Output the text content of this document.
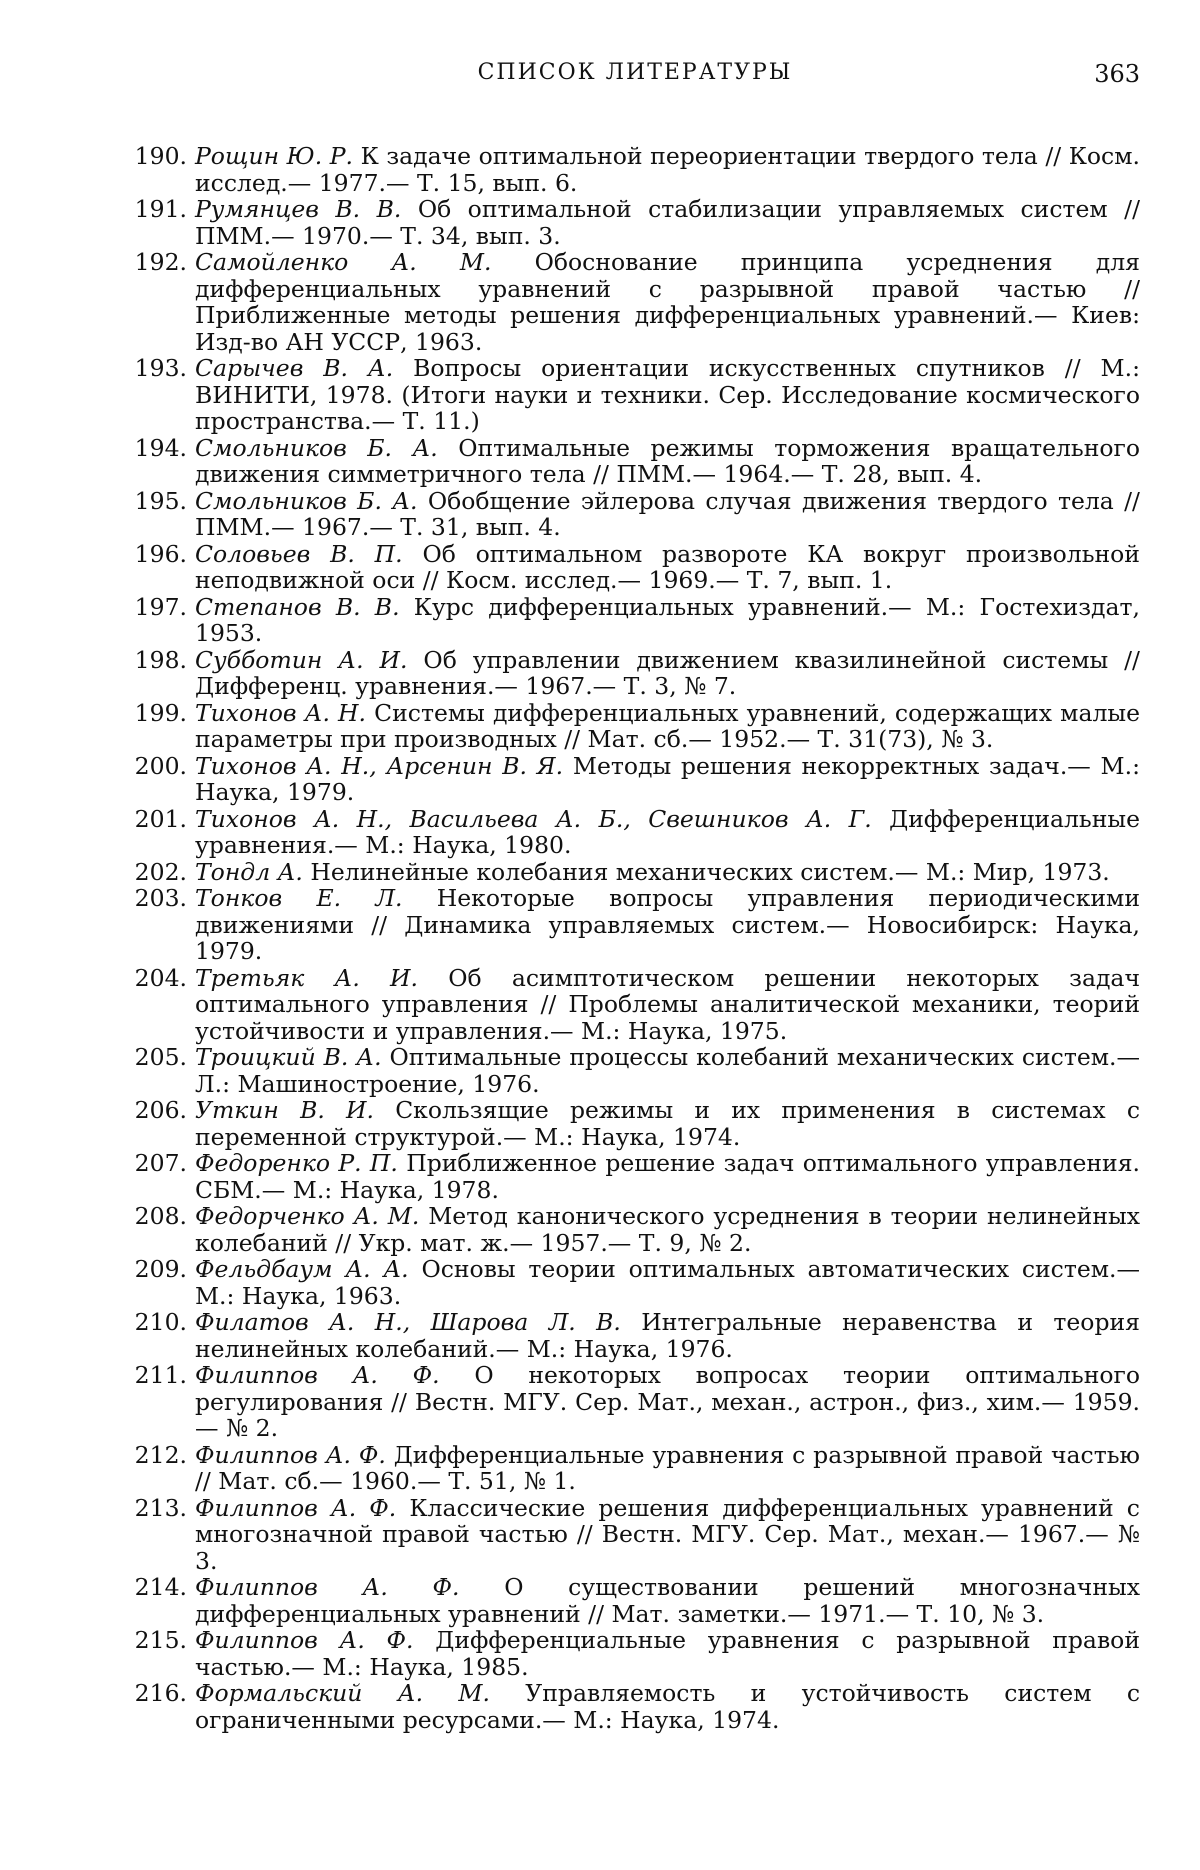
СПИСОК ЛИТЕРАТУРЫ	363
190. Рощин Ю. Р. К задаче оптимальной переориентации твердого тела // Косм. исслед.— 1977.— Т. 15, вып. 6.
191. Румянцев В. В. Об оптимальной стабилизации управляемых систем // ПММ.— 1970.— Т. 34, вып. 3.
192. Самойленко А. М. Обоснование принципа усреднения для дифференциальных уравнений с разрывной правой частью // Приближенные методы решения дифференциальных уравнений.— Киев: Изд-во АН УССР, 1963.
193. Сарычев В. А. Вопросы ориентации искусственных спутников // М.: ВИНИТИ, 1978. (Итоги науки и техники. Сер. Исследование космического пространства.— Т. 11.)
194. Смольников Б. А. Оптимальные режимы торможения вращательного движения симметричного тела // ПММ.— 1964.— Т. 28, вып. 4.
195. Смольников Б. А. Обобщение эйлерова случая движения твердого тела // ПММ.— 1967.— Т. 31, вып. 4.
196. Соловьев В. П. Об оптимальном развороте КА вокруг произвольной неподвижной оси // Косм. исслед.— 1969.— Т. 7, вып. 1.
197. Степанов В. В. Курс дифференциальных уравнений.— М.: Гостехиздат, 1953.
198. Субботин А. И. Об управлении движением квазилинейной системы // Дифференц. уравнения.— 1967.— Т. 3, № 7.
199. Тихонов А. Н. Системы дифференциальных уравнений, содержащих малые параметры при производных // Мат. сб.— 1952.— Т. 31(73), № 3.
200. Тихонов А. Н., Арсенин В. Я. Методы решения некорректных задач.— М.: Наука, 1979.
201. Тихонов А. Н., Васильева А. Б., Свешников А. Г. Дифференциальные уравнения.— М.: Наука, 1980.
202. Тондл А. Нелинейные колебания механических систем.— М.: Мир, 1973.
203. Тонков Е. Л. Некоторые вопросы управления периодическими движениями // Динамика управляемых систем.— Новосибирск: Наука, 1979.
204. Третьяк А. И. Об асимптотическом решении некоторых задач оптимального управления // Проблемы аналитической механики, теорий устойчивости и управления.— М.: Наука, 1975.
205. Троицкий В. А. Оптимальные процессы колебаний механических систем.— Л.: Машиностроение, 1976.
206. Уткин В. И. Скользящие режимы и их применения в системах с переменной структурой.— М.: Наука, 1974.
207. Федоренко Р. П. Приближенное решение задач оптимального управления. СБМ.— М.: Наука, 1978.
208. Федорченко А. М. Метод канонического усреднения в теории нелинейных колебаний // Укр. мат. ж.— 1957.— Т. 9, № 2.
209. Фельдбаум А. А. Основы теории оптимальных автоматических систем.— М.: Наука, 1963.
210. Филатов А. Н., Шарова Л. В. Интегральные неравенства и теория нелинейных колебаний.— М.: Наука, 1976.
211. Филиппов А. Ф. О некоторых вопросах теории оптимального регулирования // Вестн. МГУ. Сер. Мат., механ., астрон., физ., хим.— 1959.— № 2.
212. Филиппов А. Ф. Дифференциальные уравнения с разрывной правой частью // Мат. сб.— 1960.— Т. 51, № 1.
213. Филиппов А. Ф. Классические решения дифференциальных уравнений с многозначной правой частью // Вестн. МГУ. Сер. Мат., механ.— 1967.— № 3.
214. Филиппов А. Ф. О существовании решений многозначных дифференциальных уравнений // Мат. заметки.— 1971.— Т. 10, № 3.
215. Филиппов А. Ф. Дифференциальные уравнения с разрывной правой частью.— М.: Наука, 1985.
216. Формальский А. М. Управляемость и устойчивость систем с ограниченными ресурсами.— М.: Наука, 1974.
